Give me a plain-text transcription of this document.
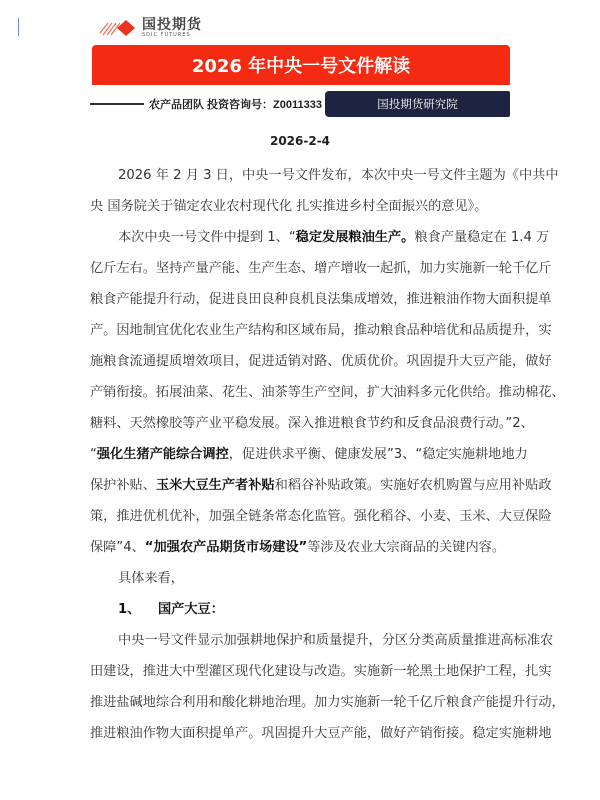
国投期货
SDIC FUTURES
2026 年中央一号文件解读
农产品团队 投资咨询号：Z0011333	国投期货研究院
2026-2-4
2026 年 2 月 3 日，中央一号文件发布，本次中央一号文件主题为《中共中
央 国务院关于锚定农业农村现代化 扎实推进乡村全面振兴的意见》。
本次中央一号文件中提到 1、“稳定发展粮油生产。粮食产量稳定在 1.4 万
亿斤左右。坚持产量产能、生产生态、增产增收一起抓，加力实施新一轮千亿斤
粮食产能提升行动，促进良田良种良机良法集成增效，推进粮油作物大面积提单
产。因地制宜优化农业生产结构和区域布局，推动粮食品种培优和品质提升，实
施粮食流通提质增效项目，促进适销对路、优质优价。巩固提升大豆产能，做好
产销衔接。拓展油菜、花生、油茶等生产空间，扩大油料多元化供给。推动棉花、
糖料、天然橡胶等产业平稳发展。深入推进粮食节约和反食品浪费行动。”2、
“强化生猪产能综合调控，促进供求平衡、健康发展”3、“稳定实施耕地地力
保护补贴、玉米大豆生产者补贴和稻谷补贴政策。实施好农机购置与应用补贴政
策，推进优机优补，加强全链条常态化监管。强化稻谷、小麦、玉米、大豆保险
保障”4、“加强农产品期货市场建设”等涉及农业大宗商品的关键内容。
具体来看，
1、 国产大豆：
中央一号文件显示加强耕地保护和质量提升，分区分类高质量推进高标准农
田建设，推进大中型灌区现代化建设与改造。实施新一轮黑土地保护工程，扎实
推进盐碱地综合利用和酸化耕地治理。加力实施新一轮千亿斤粮食产能提升行动，
推进粮油作物大面积提单产。巩固提升大豆产能，做好产销衔接。稳定实施耕地
